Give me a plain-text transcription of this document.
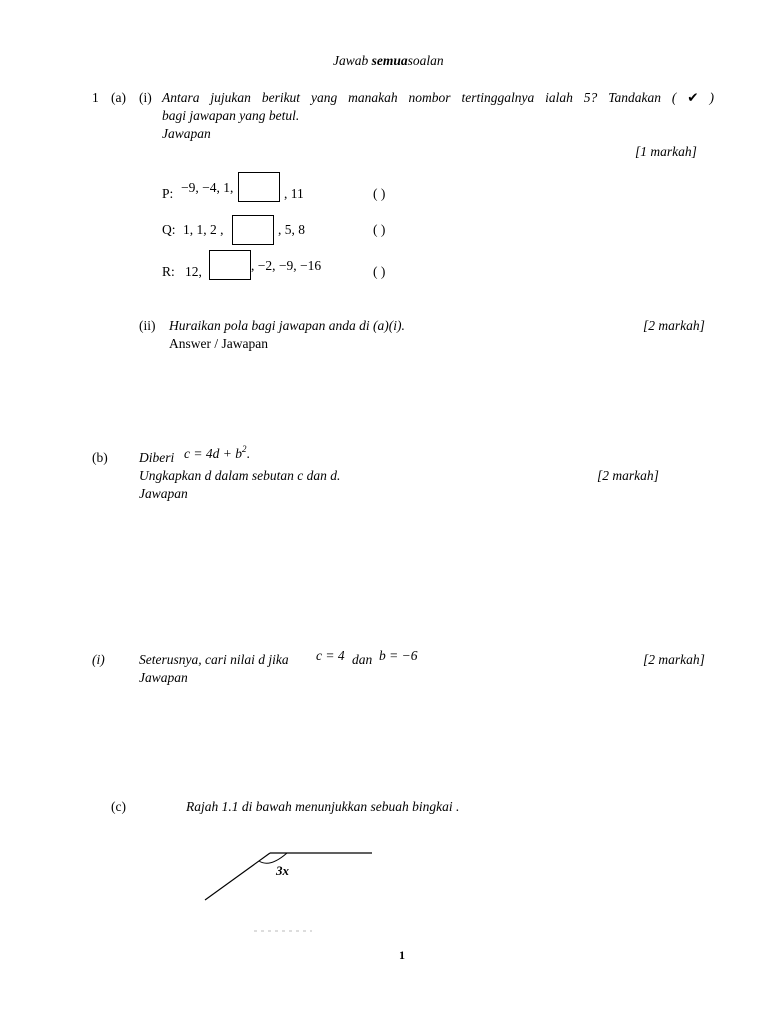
Jawab semuasoalan
1 (a) (i) Antara jujukan berikut yang manakah nombor tertinggalnya ialah 5? Tandakan ( ✔ )
bagi jawapan yang betul.
Jawapan
[1 markah]
P: −9, −4, 1,	, 11	( )
Q: 1, 1, 2 ,	, 5, 8	( )
R: 12,	, −2, −9, −16	( )
(ii) Huraikan pola bagi jawapan anda di (a)(i).	[2 markah]
Answer / Jawapan
(b) Diberi $c = 4d + b^2$.
Ungkapkan d dalam sebutan c dan d.	[2 markah]
Jawapan
(i)	Seterusnya, cari nilai d jika c = 4 dan b = −6	[2 markah]
Jawapan
(c)	Rajah 1.1 di bawah menunjukkan sebuah bingkai .
3x
1
